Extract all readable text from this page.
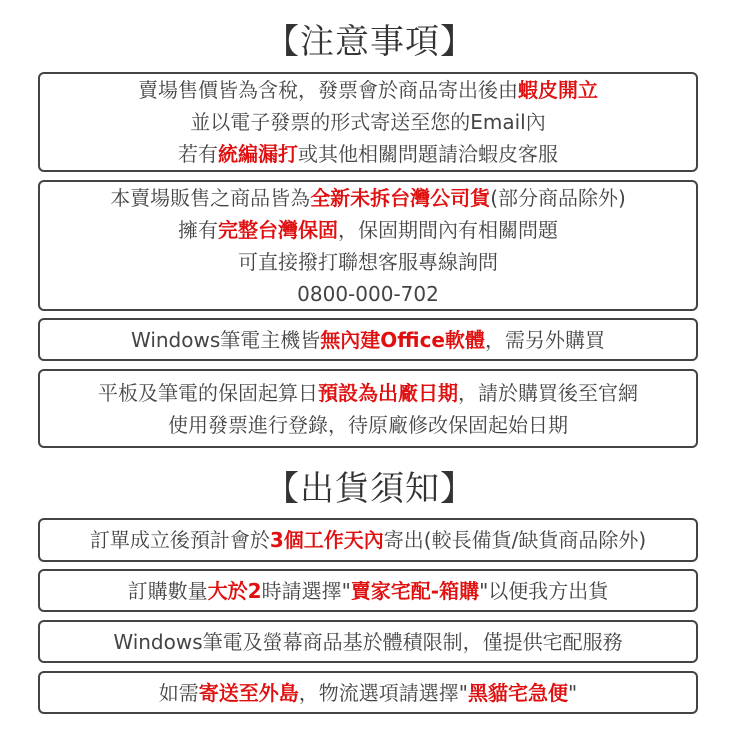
【注意事項】
賣場售價皆為含稅，發票會於商品寄出後由蝦皮開立
並以電子發票的形式寄送至您的Email內
若有統編漏打或其他相關問題請洽蝦皮客服
本賣場販售之商品皆為全新未拆台灣公司貨(部分商品除外)
擁有完整台灣保固，保固期間內有相關問題
可直接撥打聯想客服專線詢問
0800-000-702
Windows筆電主機皆無內建Office軟體，需另外購買
平板及筆電的保固起算日預設為出廠日期，請於購買後至官網
使用發票進行登錄，待原廠修改保固起始日期
【出貨須知】
訂單成立後預計會於3個工作天內寄出(較長備貨/缺貨商品除外)
訂購數量大於2時請選擇"賣家宅配-箱購"以便我方出貨
Windows筆電及螢幕商品基於體積限制，僅提供宅配服務
如需寄送至外島，物流選項請選擇"黑貓宅急便"
